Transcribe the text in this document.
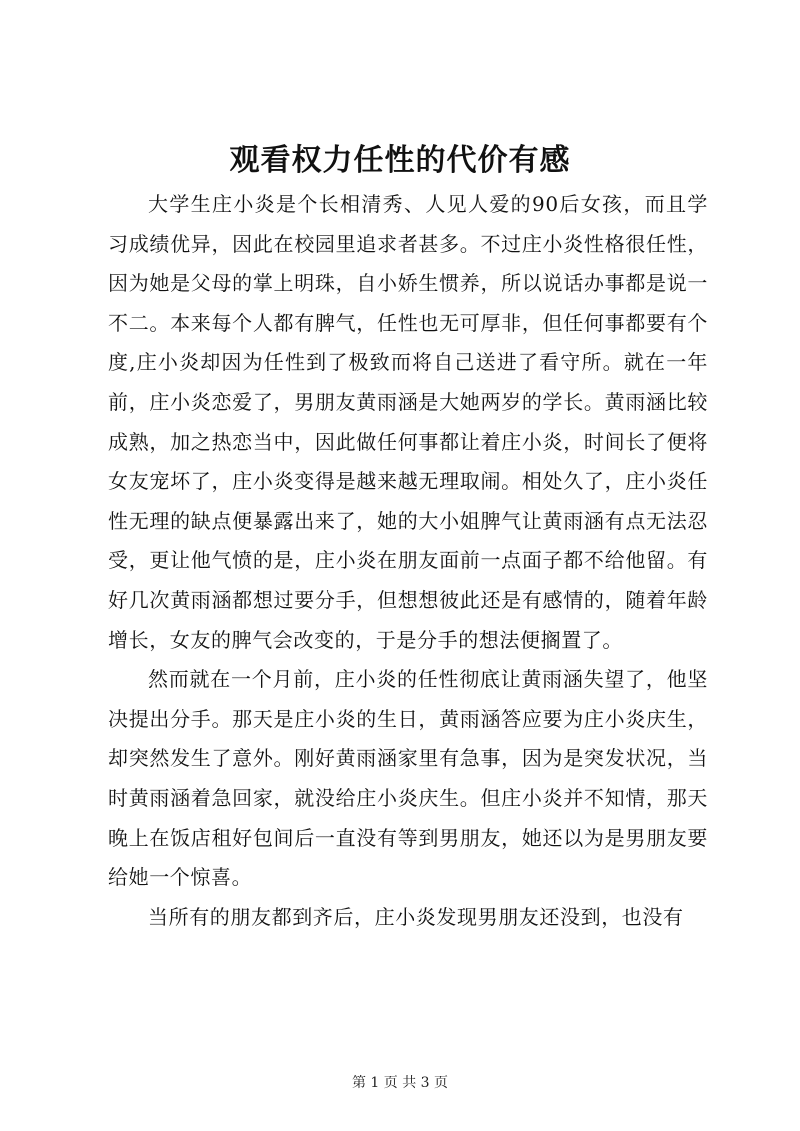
观看权力任性的代价有感

大学生庄小炎是个长相清秀、人见人爱的90后女孩，而且学习成绩优异，因此在校园里追求者甚多。不过庄小炎性格很任性，因为她是父母的掌上明珠，自小娇生惯养，所以说话办事都是说一不二。本来每个人都有脾气，任性也无可厚非，但任何事都要有个度,庄小炎却因为任性到了极致而将自己送进了看守所。就在一年前，庄小炎恋爱了，男朋友黄雨涵是大她两岁的学长。黄雨涵比较成熟，加之热恋当中，因此做任何事都让着庄小炎，时间长了便将女友宠坏了，庄小炎变得是越来越无理取闹。相处久了，庄小炎任性无理的缺点便暴露出来了，她的大小姐脾气让黄雨涵有点无法忍受，更让他气愤的是，庄小炎在朋友面前一点面子都不给他留。有好几次黄雨涵都想过要分手，但想想彼此还是有感情的，随着年龄增长，女友的脾气会改变的，于是分手的想法便搁置了。

然而就在一个月前，庄小炎的任性彻底让黄雨涵失望了，他坚决提出分手。那天是庄小炎的生日，黄雨涵答应要为庄小炎庆生，却突然发生了意外。刚好黄雨涵家里有急事，因为是突发状况，当时黄雨涵着急回家，就没给庄小炎庆生。但庄小炎并不知情，那天晚上在饭店租好包间后一直没有等到男朋友，她还以为是男朋友要给她一个惊喜。

当所有的朋友都到齐后，庄小炎发现男朋友还没到，也没有

第 1 页 共 3 页
